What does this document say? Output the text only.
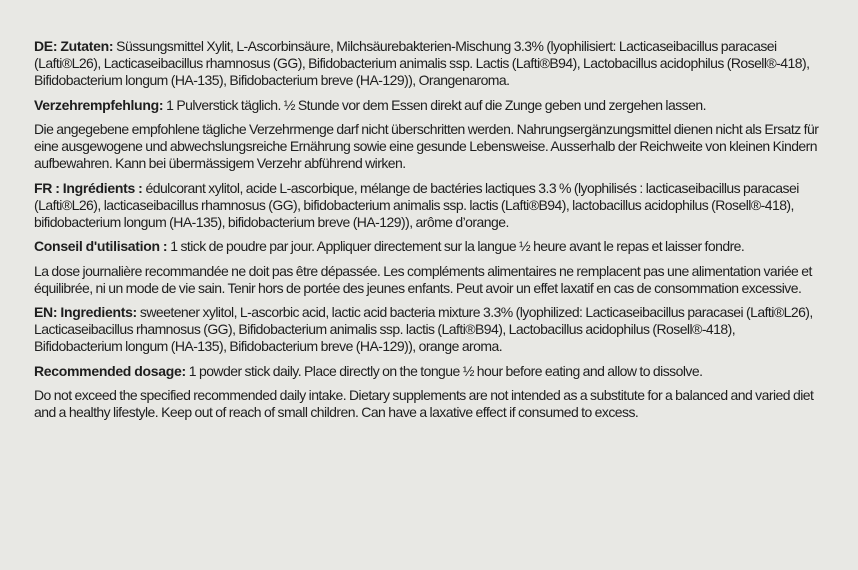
DE: Zutaten: Süssungsmittel Xylit, L-Ascorbinsäure, Milchsäurebakterien-Mischung 3.3% (lyophilisiert: Lacticaseibacillus paracasei (Lafti®L26), Lacticaseibacillus rhamnosus (GG), Bifidobacterium animalis ssp. Lactis (Lafti®B94), Lactobacillus acidophilus (Rosell®-418), Bifidobacterium longum (HA-135), Bifidobacterium breve (HA-129)), Orangenaroma.

Verzehrempfehlung: 1 Pulverstick täglich. ½ Stunde vor dem Essen direkt auf die Zunge geben und zergehen lassen.

Die angegebene empfohlene tägliche Verzehrmenge darf nicht überschritten werden. Nahrungsergänzungsmittel dienen nicht als Ersatz für eine ausgewogene und abwechslungsreiche Ernährung sowie eine gesunde Lebensweise. Ausserhalb der Reichweite von kleinen Kindern aufbewahren. Kann bei übermässigem Verzehr abführend wirken.

FR : Ingrédients : édulcorant xylitol, acide L-ascorbique, mélange de bactéries lactiques 3.3 % (lyophilisés : lacticaseibacillus paracasei (Lafti®L26), lacticaseibacillus rhamnosus (GG), bifidobacterium animalis ssp. lactis (Lafti®B94), lactobacillus acidophilus (Rosell®-418), bifidobacterium longum (HA-135), bifidobacterium breve (HA-129)), arôme d’orange.

Conseil d'utilisation : 1 stick de poudre par jour. Appliquer directement sur la langue ½ heure avant le repas et laisser fondre.

La dose journalière recommandée ne doit pas être dépassée. Les compléments alimentaires ne remplacent pas une alimentation variée et équilibrée, ni un mode de vie sain. Tenir hors de portée des jeunes enfants. Peut avoir un effet laxatif en cas de consommation excessive.

EN: Ingredients: sweetener xylitol, L-ascorbic acid, lactic acid bacteria mixture 3.3% (lyophilized: Lacticaseibacillus paracasei (Lafti®L26), Lacticaseibacillus rhamnosus (GG), Bifidobacterium animalis ssp. lactis (Lafti®B94), Lactobacillus acidophilus (Rosell®-418), Bifidobacterium longum (HA-135), Bifidobacterium breve (HA-129)), orange aroma.

Recommended dosage: 1 powder stick daily. Place directly on the tongue ½ hour before eating and allow to dissolve.

Do not exceed the specified recommended daily intake. Dietary supplements are not intended as a substitute for a balanced and varied diet and a healthy lifestyle. Keep out of reach of small children. Can have a laxative effect if consumed to excess.
